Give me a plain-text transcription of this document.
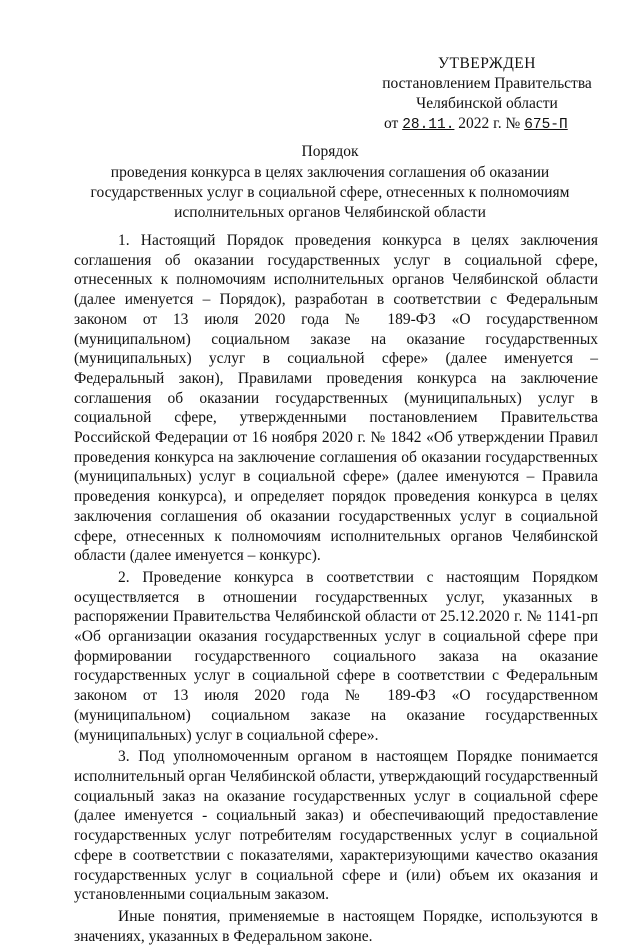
УТВЕРЖДЕН
постановлением Правительства
Челябинской области
от 28.11. 2022 г. № 675-П
Порядок
проведения конкурса в целях заключения соглашения об оказании
государственных услуг в социальной сфере, отнесенных к полномочиям
исполнительных органов Челябинской области

1. Настоящий Порядок проведения конкурса в целях заключения соглашения об оказании государственных услуг в социальной сфере, отнесенных к полномочиям исполнительных органов Челябинской области (далее именуется – Порядок), разработан в соответствии с Федеральным законом от 13 июля 2020 года № 189-ФЗ «О государственном (муниципальном) социальном заказе на оказание государственных (муниципальных) услуг в социальной сфере» (далее именуется – Федеральный закон), Правилами проведения конкурса на заключение соглашения об оказании государственных (муниципальных) услуг в социальной сфере, утвержденными постановлением Правительства Российской Федерации от 16 ноября 2020 г. № 1842 «Об утверждении Правил проведения конкурса на заключение соглашения об оказании государственных (муниципальных) услуг в социальной сфере» (далее именуются – Правила проведения конкурса), и определяет порядок проведения конкурса в целях заключения соглашения об оказании государственных услуг в социальной сфере, отнесенных к полномочиям исполнительных органов Челябинской области (далее именуется – конкурс).

2. Проведение конкурса в соответствии с настоящим Порядком осуществляется в отношении государственных услуг, указанных в распоряжении Правительства Челябинской области от 25.12.2020 г. № 1141-рп «Об организации оказания государственных услуг в социальной сфере при формировании государственного социального заказа на оказание государственных услуг в социальной сфере в соответствии с Федеральным законом от 13 июля 2020 года № 189-ФЗ «О государственном (муниципальном) социальном заказе на оказание государственных (муниципальных) услуг в социальной сфере».

3. Под уполномоченным органом в настоящем Порядке понимается исполнительный орган Челябинской области, утверждающий государственный социальный заказ на оказание государственных услуг в социальной сфере (далее именуется - социальный заказ) и обеспечивающий предоставление государственных услуг потребителям государственных услуг в социальной сфере в соответствии с показателями, характеризующими качество оказания государственных услуг в социальной сфере и (или) объем их оказания и установленными социальным заказом.

Иные понятия, применяемые в настоящем Порядке, используются в значениях, указанных в Федеральном законе.
